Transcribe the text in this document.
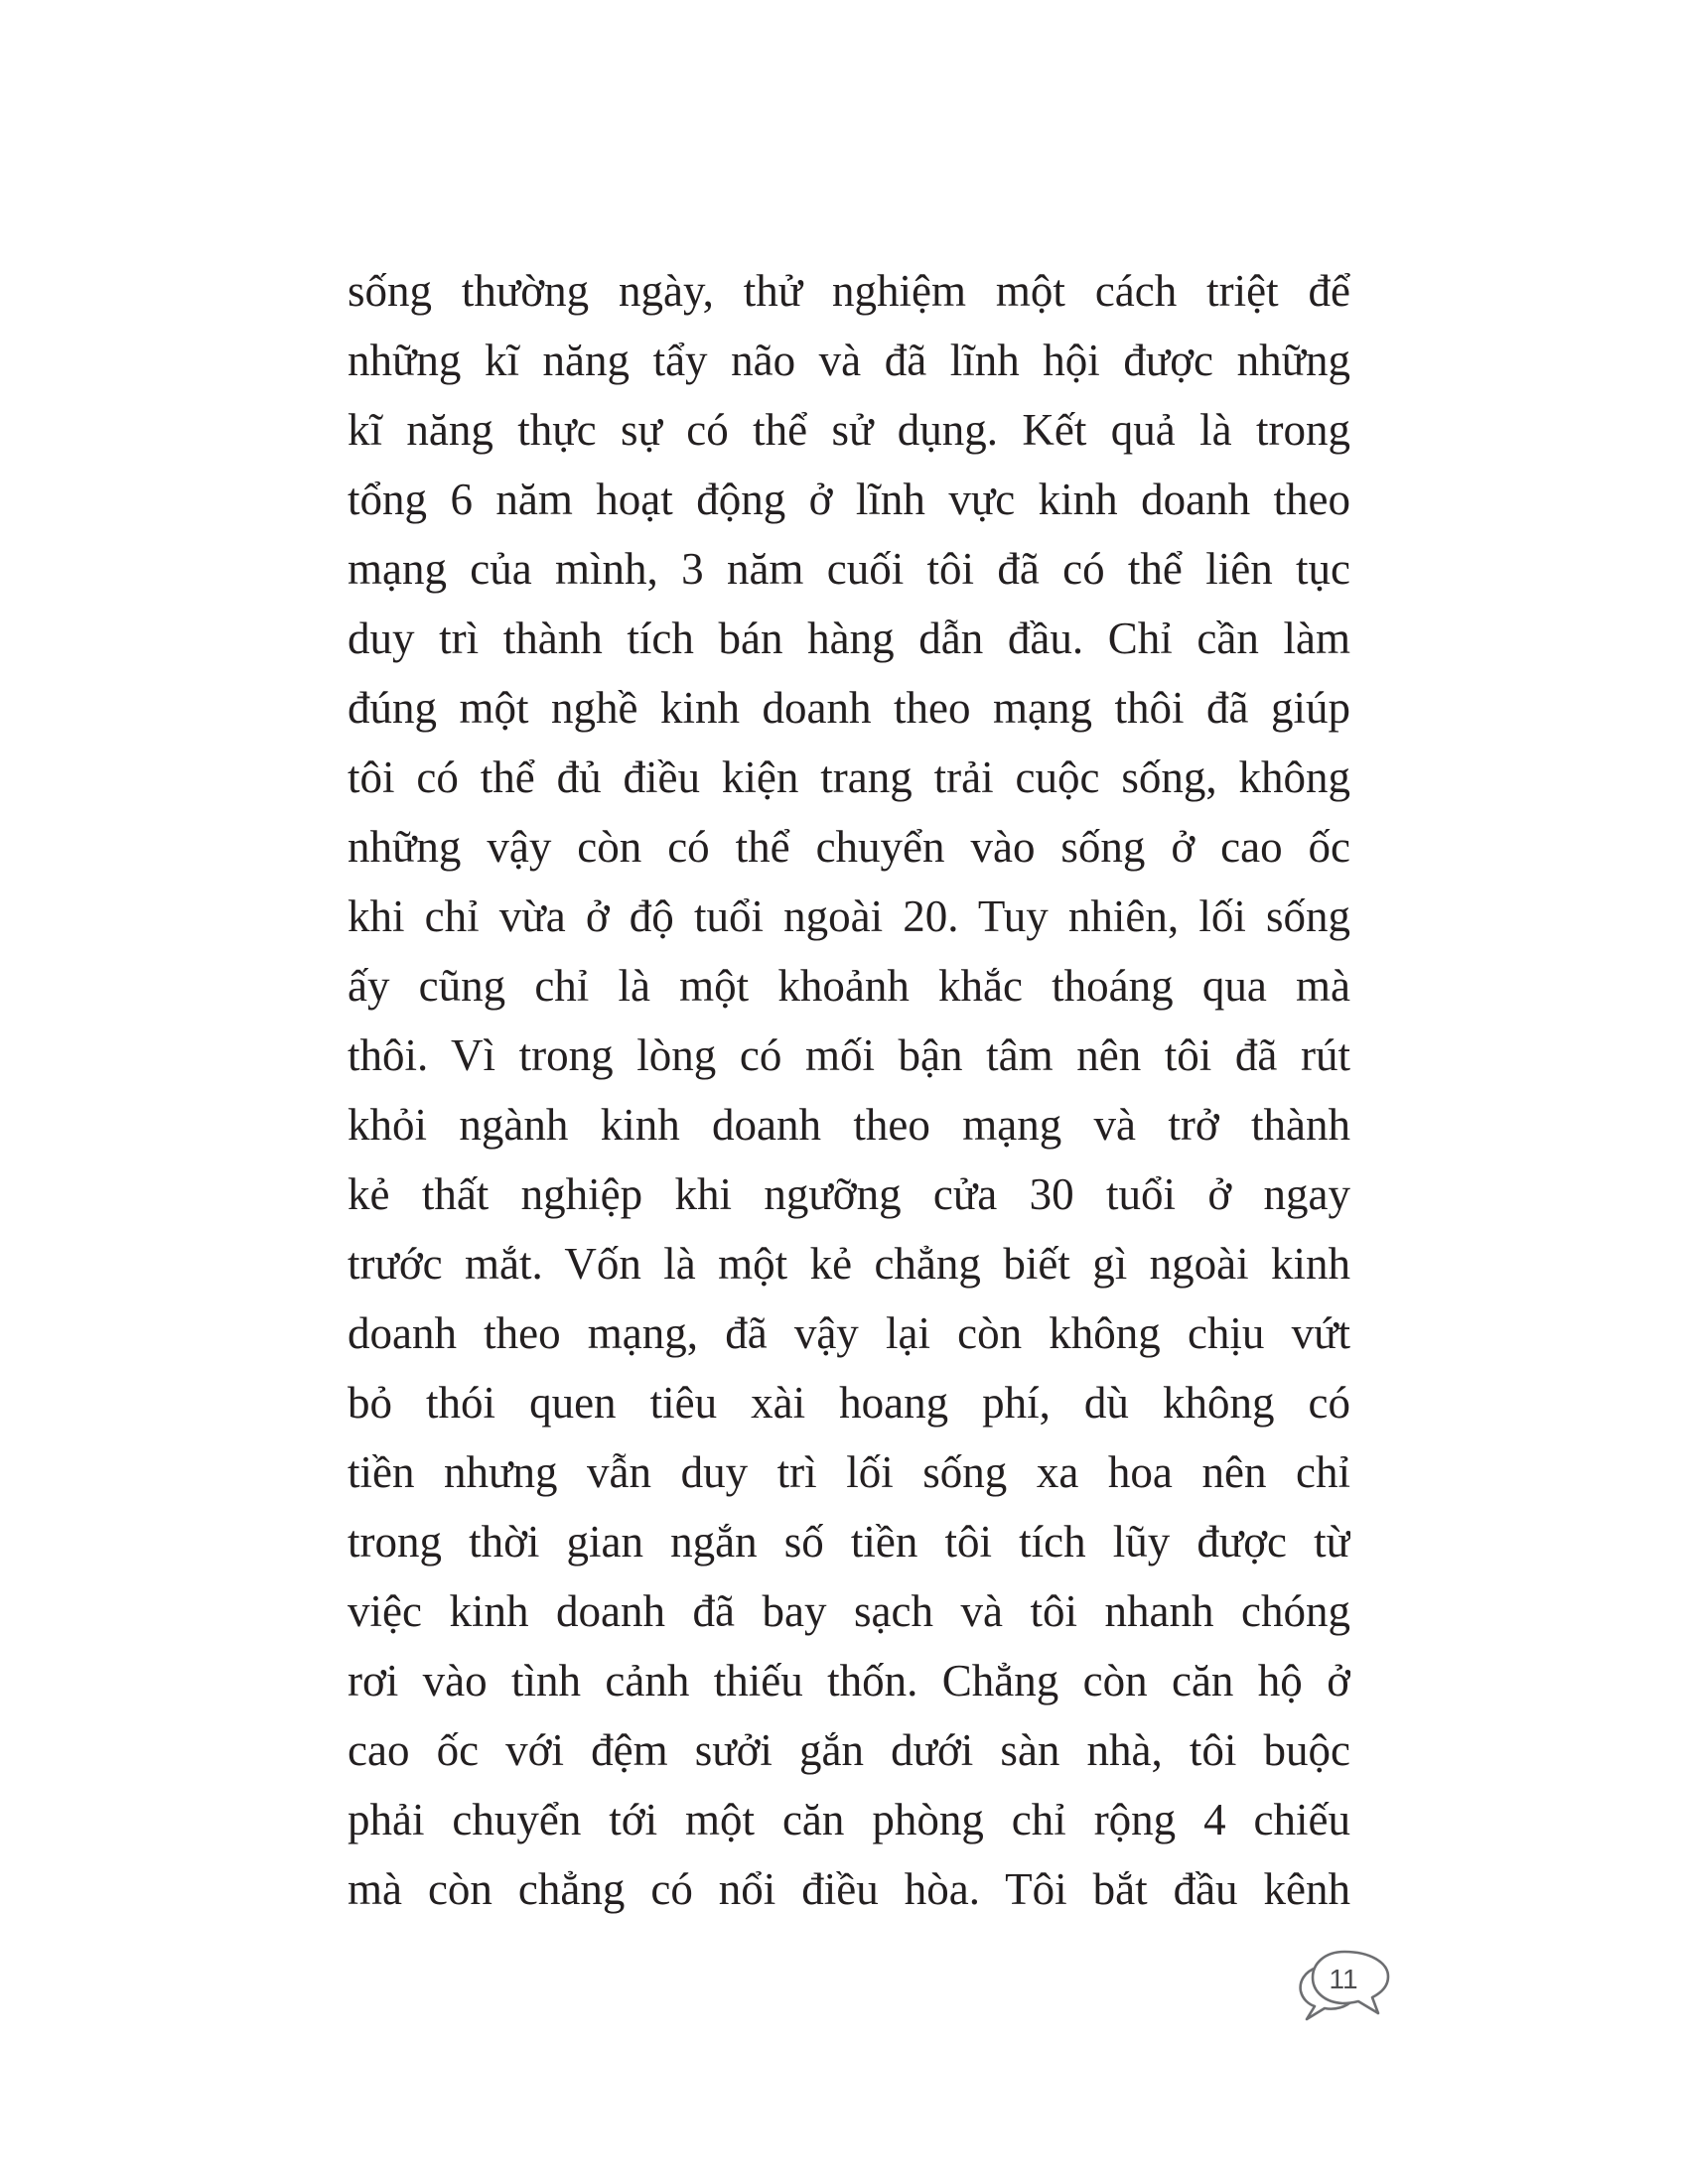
sống thường ngày, thử nghiệm một cách triệt để
những kĩ năng tẩy não và đã lĩnh hội được những
kĩ năng thực sự có thể sử dụng. Kết quả là trong
tổng 6 năm hoạt động ở lĩnh vực kinh doanh theo
mạng của mình, 3 năm cuối tôi đã có thể liên tục
duy trì thành tích bán hàng dẫn đầu. Chỉ cần làm
đúng một nghề kinh doanh theo mạng thôi đã giúp
tôi có thể đủ điều kiện trang trải cuộc sống, không
những vậy còn có thể chuyển vào sống ở cao ốc
khi chỉ vừa ở độ tuổi ngoài 20. Tuy nhiên, lối sống
ấy cũng chỉ là một khoảnh khắc thoáng qua mà
thôi. Vì trong lòng có mối bận tâm nên tôi đã rút
khỏi ngành kinh doanh theo mạng và trở thành
kẻ thất nghiệp khi ngưỡng cửa 30 tuổi ở ngay
trước mắt. Vốn là một kẻ chẳng biết gì ngoài kinh
doanh theo mạng, đã vậy lại còn không chịu vứt
bỏ thói quen tiêu xài hoang phí, dù không có
tiền nhưng vẫn duy trì lối sống xa hoa nên chỉ
trong thời gian ngắn số tiền tôi tích lũy được từ
việc kinh doanh đã bay sạch và tôi nhanh chóng
rơi vào tình cảnh thiếu thốn. Chẳng còn căn hộ ở
cao ốc với đệm sưởi gắn dưới sàn nhà, tôi buộc
phải chuyển tới một căn phòng chỉ rộng 4 chiếu
mà còn chẳng có nổi điều hòa. Tôi bắt đầu kênh
11
